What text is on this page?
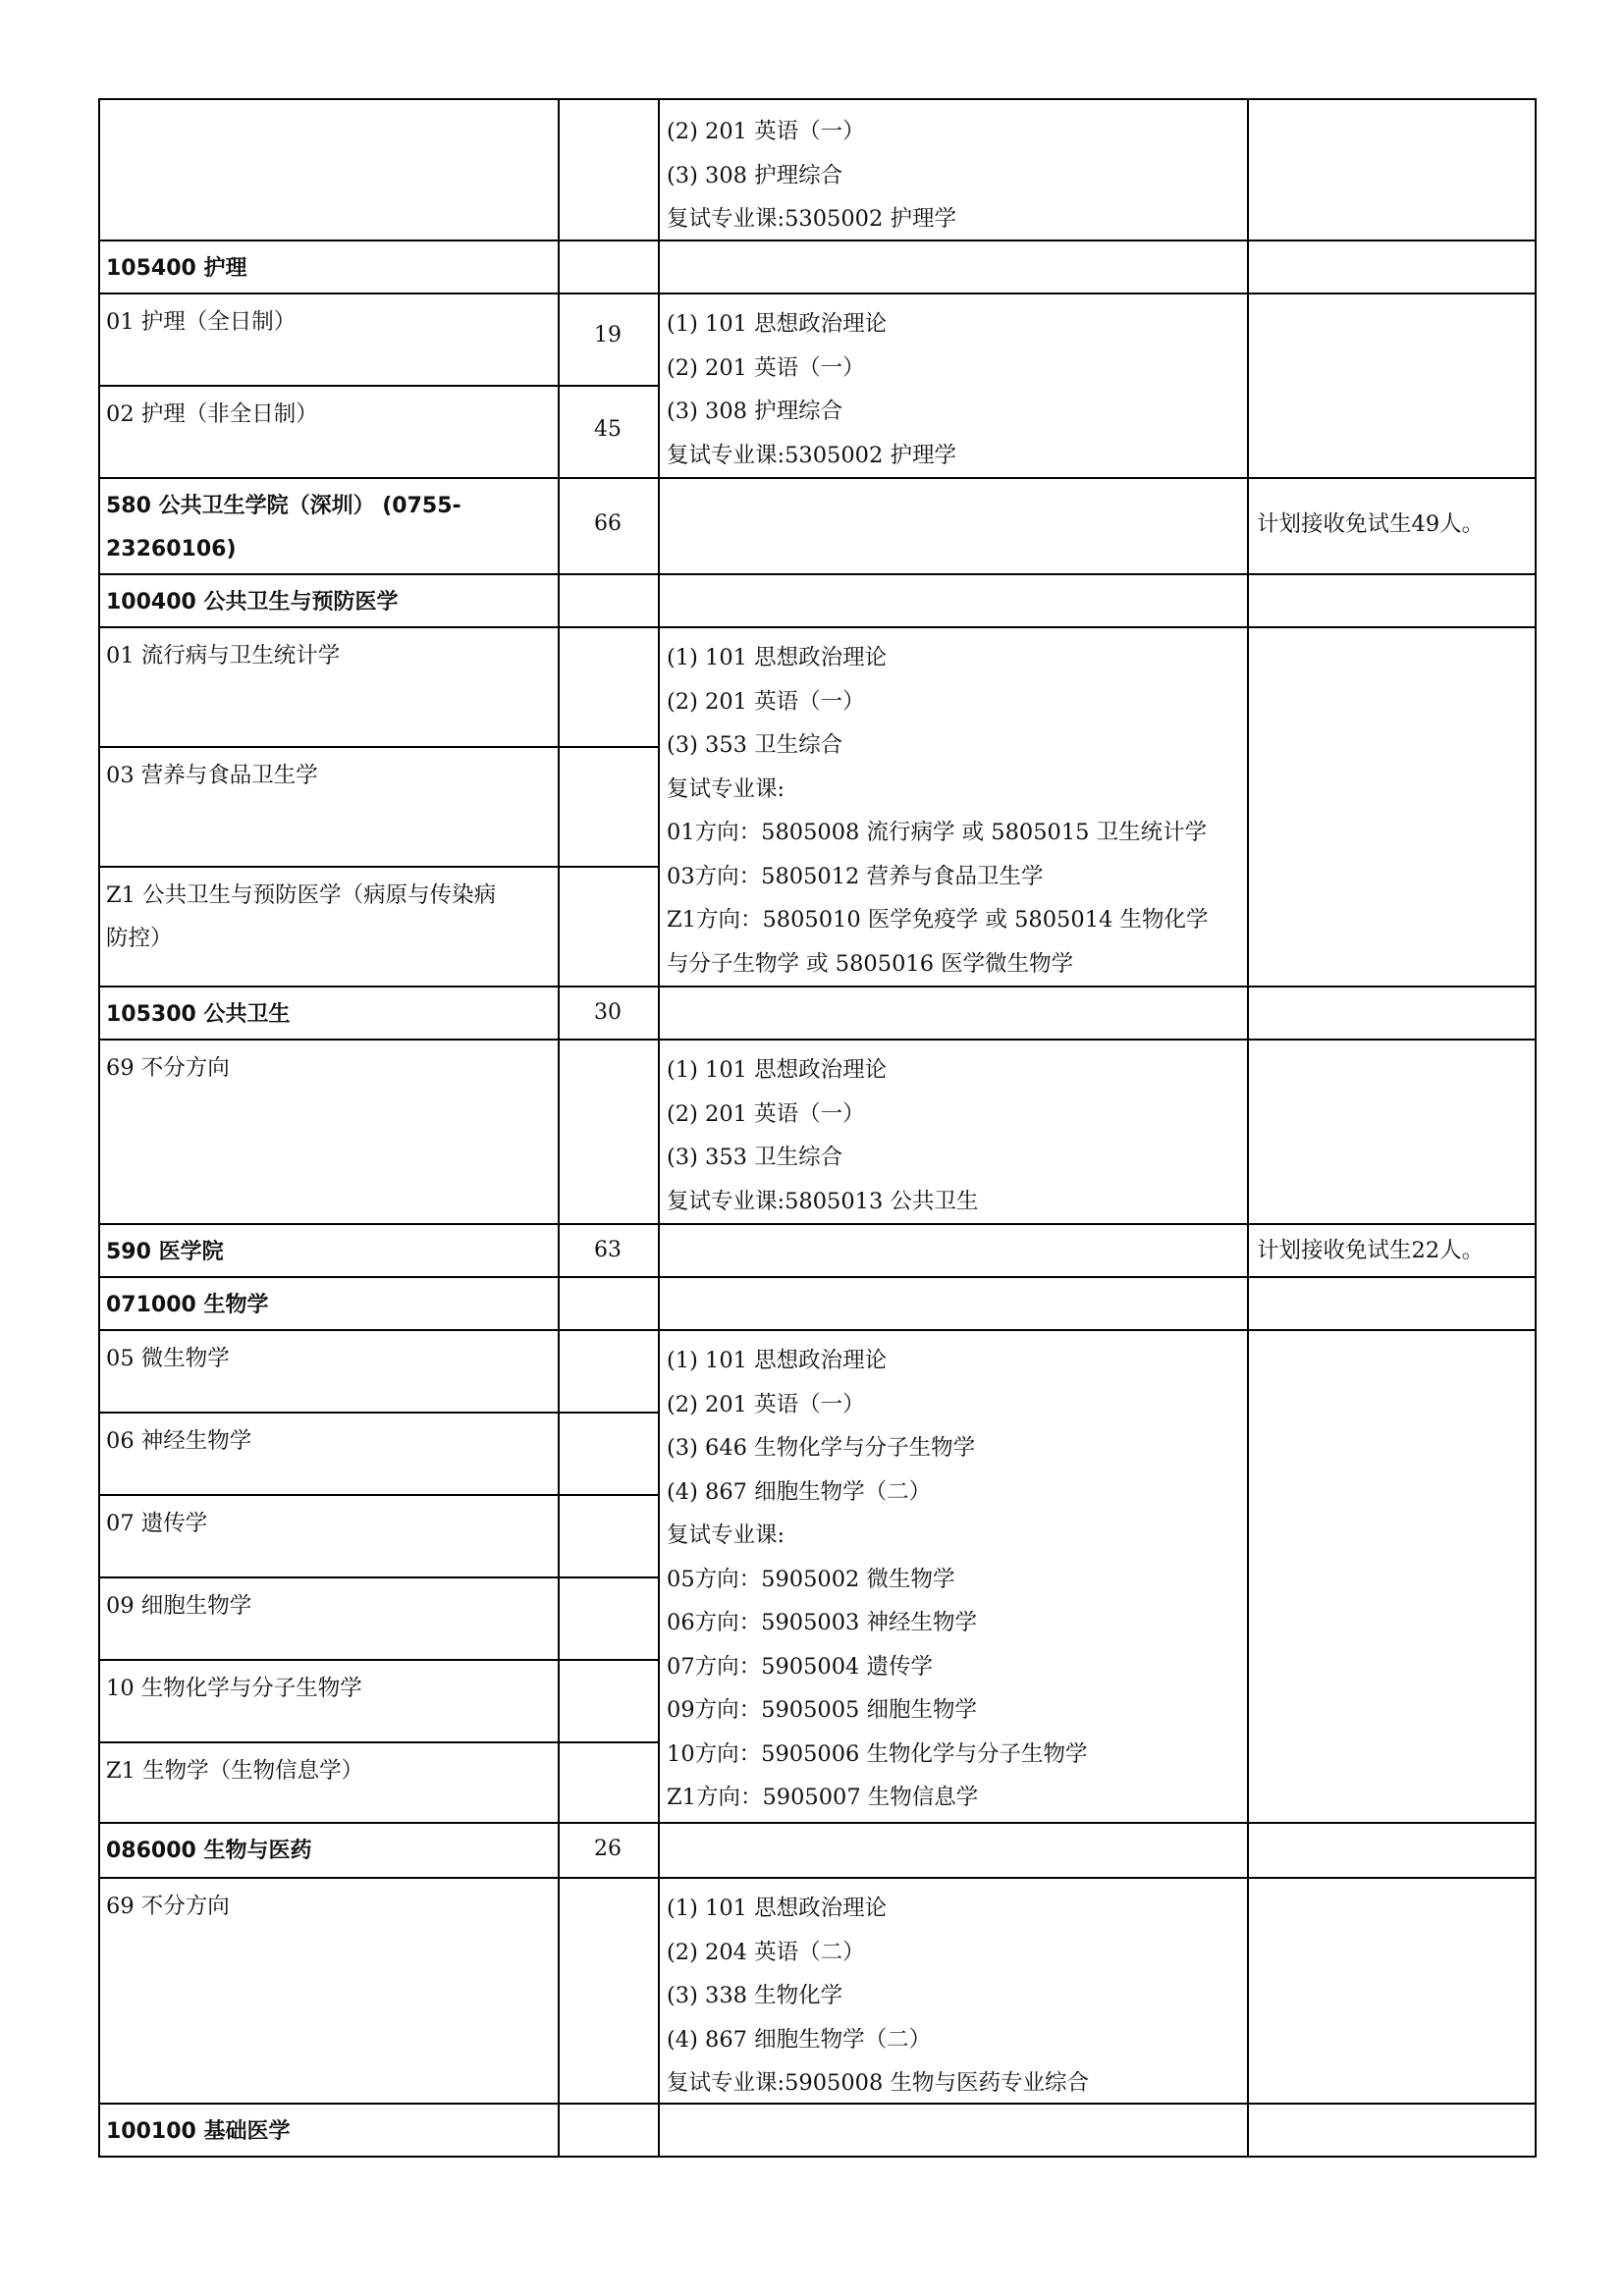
105400 护理
01 护理（全日制）
02 护理（非全日制）
580 公共卫生学院（深圳） (0755-
23260106)
100400 公共卫生与预防医学
01 流行病与卫生统计学
03 营养与食品卫生学
Z1 公共卫生与预防医学（病原与传染病
防控）
105300 公共卫生
69 不分方向
590 医学院
071000 生物学
05 微生物学
06 神经生物学
07 遗传学
09 细胞生物学
10 生物化学与分子生物学
Z1 生物学（生物信息学）
086000 生物与医药
69 不分方向
100100 基础医学
19
45
66
30
63
26
(2) 201 英语（一）
(3) 308 护理综合
复试专业课:5305002 护理学
(1) 101 思想政治理论
(2) 201 英语（一）
(3) 308 护理综合
复试专业课:5305002 护理学
(1) 101 思想政治理论
(2) 201 英语（一）
(3) 353 卫生综合
复试专业课:
01方向：5805008 流行病学 或 5805015 卫生统计学
03方向：5805012 营养与食品卫生学
Z1方向：5805010 医学免疫学 或 5805014 生物化学
与分子生物学 或 5805016 医学微生物学
(1) 101 思想政治理论
(2) 201 英语（一）
(3) 353 卫生综合
复试专业课:5805013 公共卫生
(1) 101 思想政治理论
(2) 201 英语（一）
(3) 646 生物化学与分子生物学
(4) 867 细胞生物学（二）
复试专业课:
05方向：5905002 微生物学
06方向：5905003 神经生物学
07方向：5905004 遗传学
09方向：5905005 细胞生物学
10方向：5905006 生物化学与分子生物学
Z1方向：5905007 生物信息学
(1) 101 思想政治理论
(2) 204 英语（二）
(3) 338 生物化学
(4) 867 细胞生物学（二）
复试专业课:5905008 生物与医药专业综合
计划接收免试生49人。
计划接收免试生22人。
